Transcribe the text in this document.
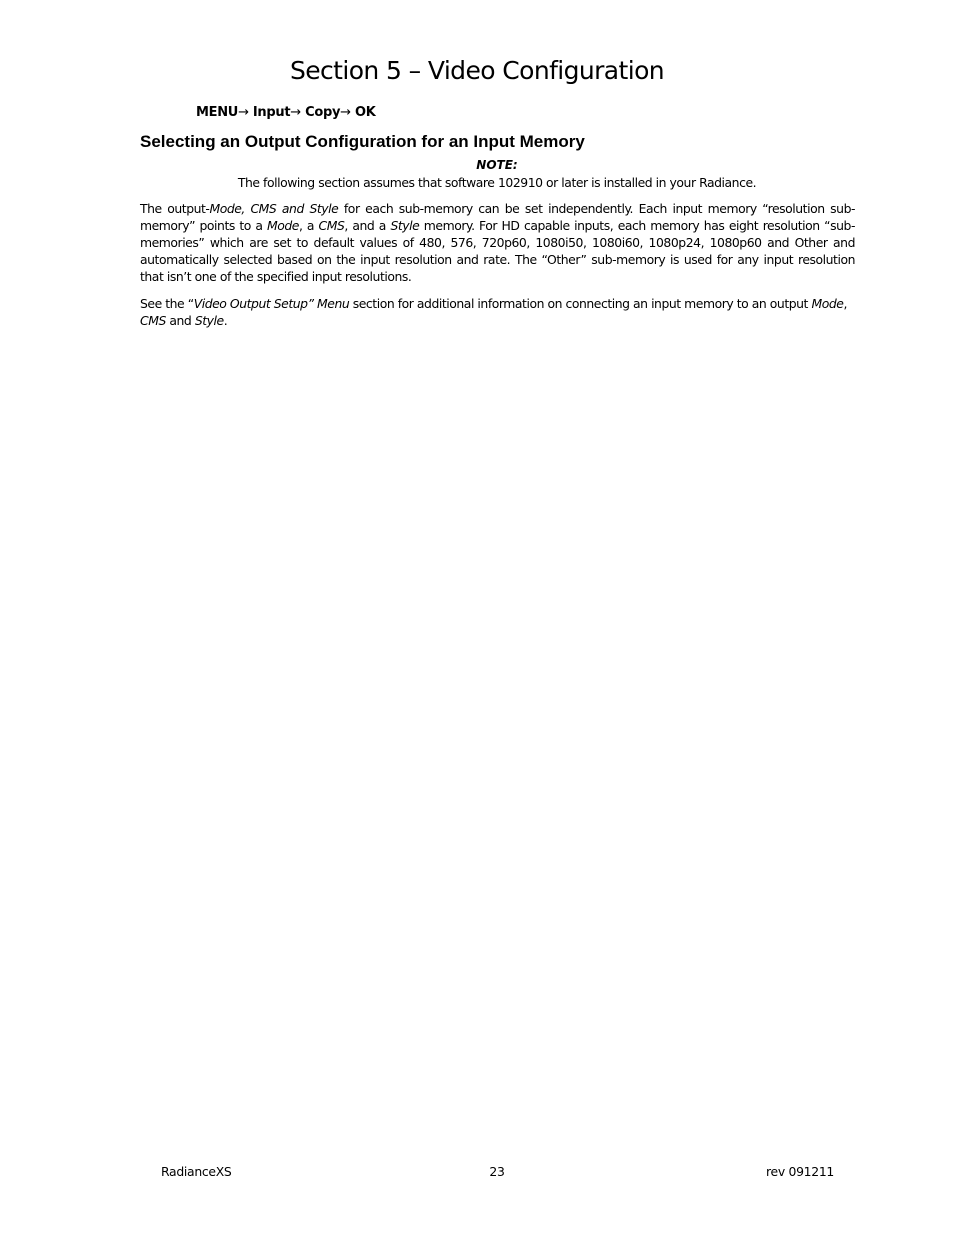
Section 5 – Video Configuration
MENU→ Input→ Copy→ OK
Selecting an Output Configuration for an Input Memory
NOTE:
The following section assumes that software 102910 or later is installed in your Radiance.

The output-Mode, CMS and Style for each sub-memory can be set independently. Each input memory “resolution sub-memory” points to a Mode, a CMS, and a Style memory. For HD capable inputs, each memory has eight resolution “sub-memories” which are set to default values of 480, 576, 720p60, 1080i50, 1080i60, 1080p24, 1080p60 and Other and automatically selected based on the input resolution and rate. The “Other” sub-memory is used for any input resolution that isn’t one of the specified input resolutions.

See the “Video Output Setup” Menu section for additional information on connecting an input memory to an output Mode, CMS and Style.

RadianceXS	23	rev 091211
